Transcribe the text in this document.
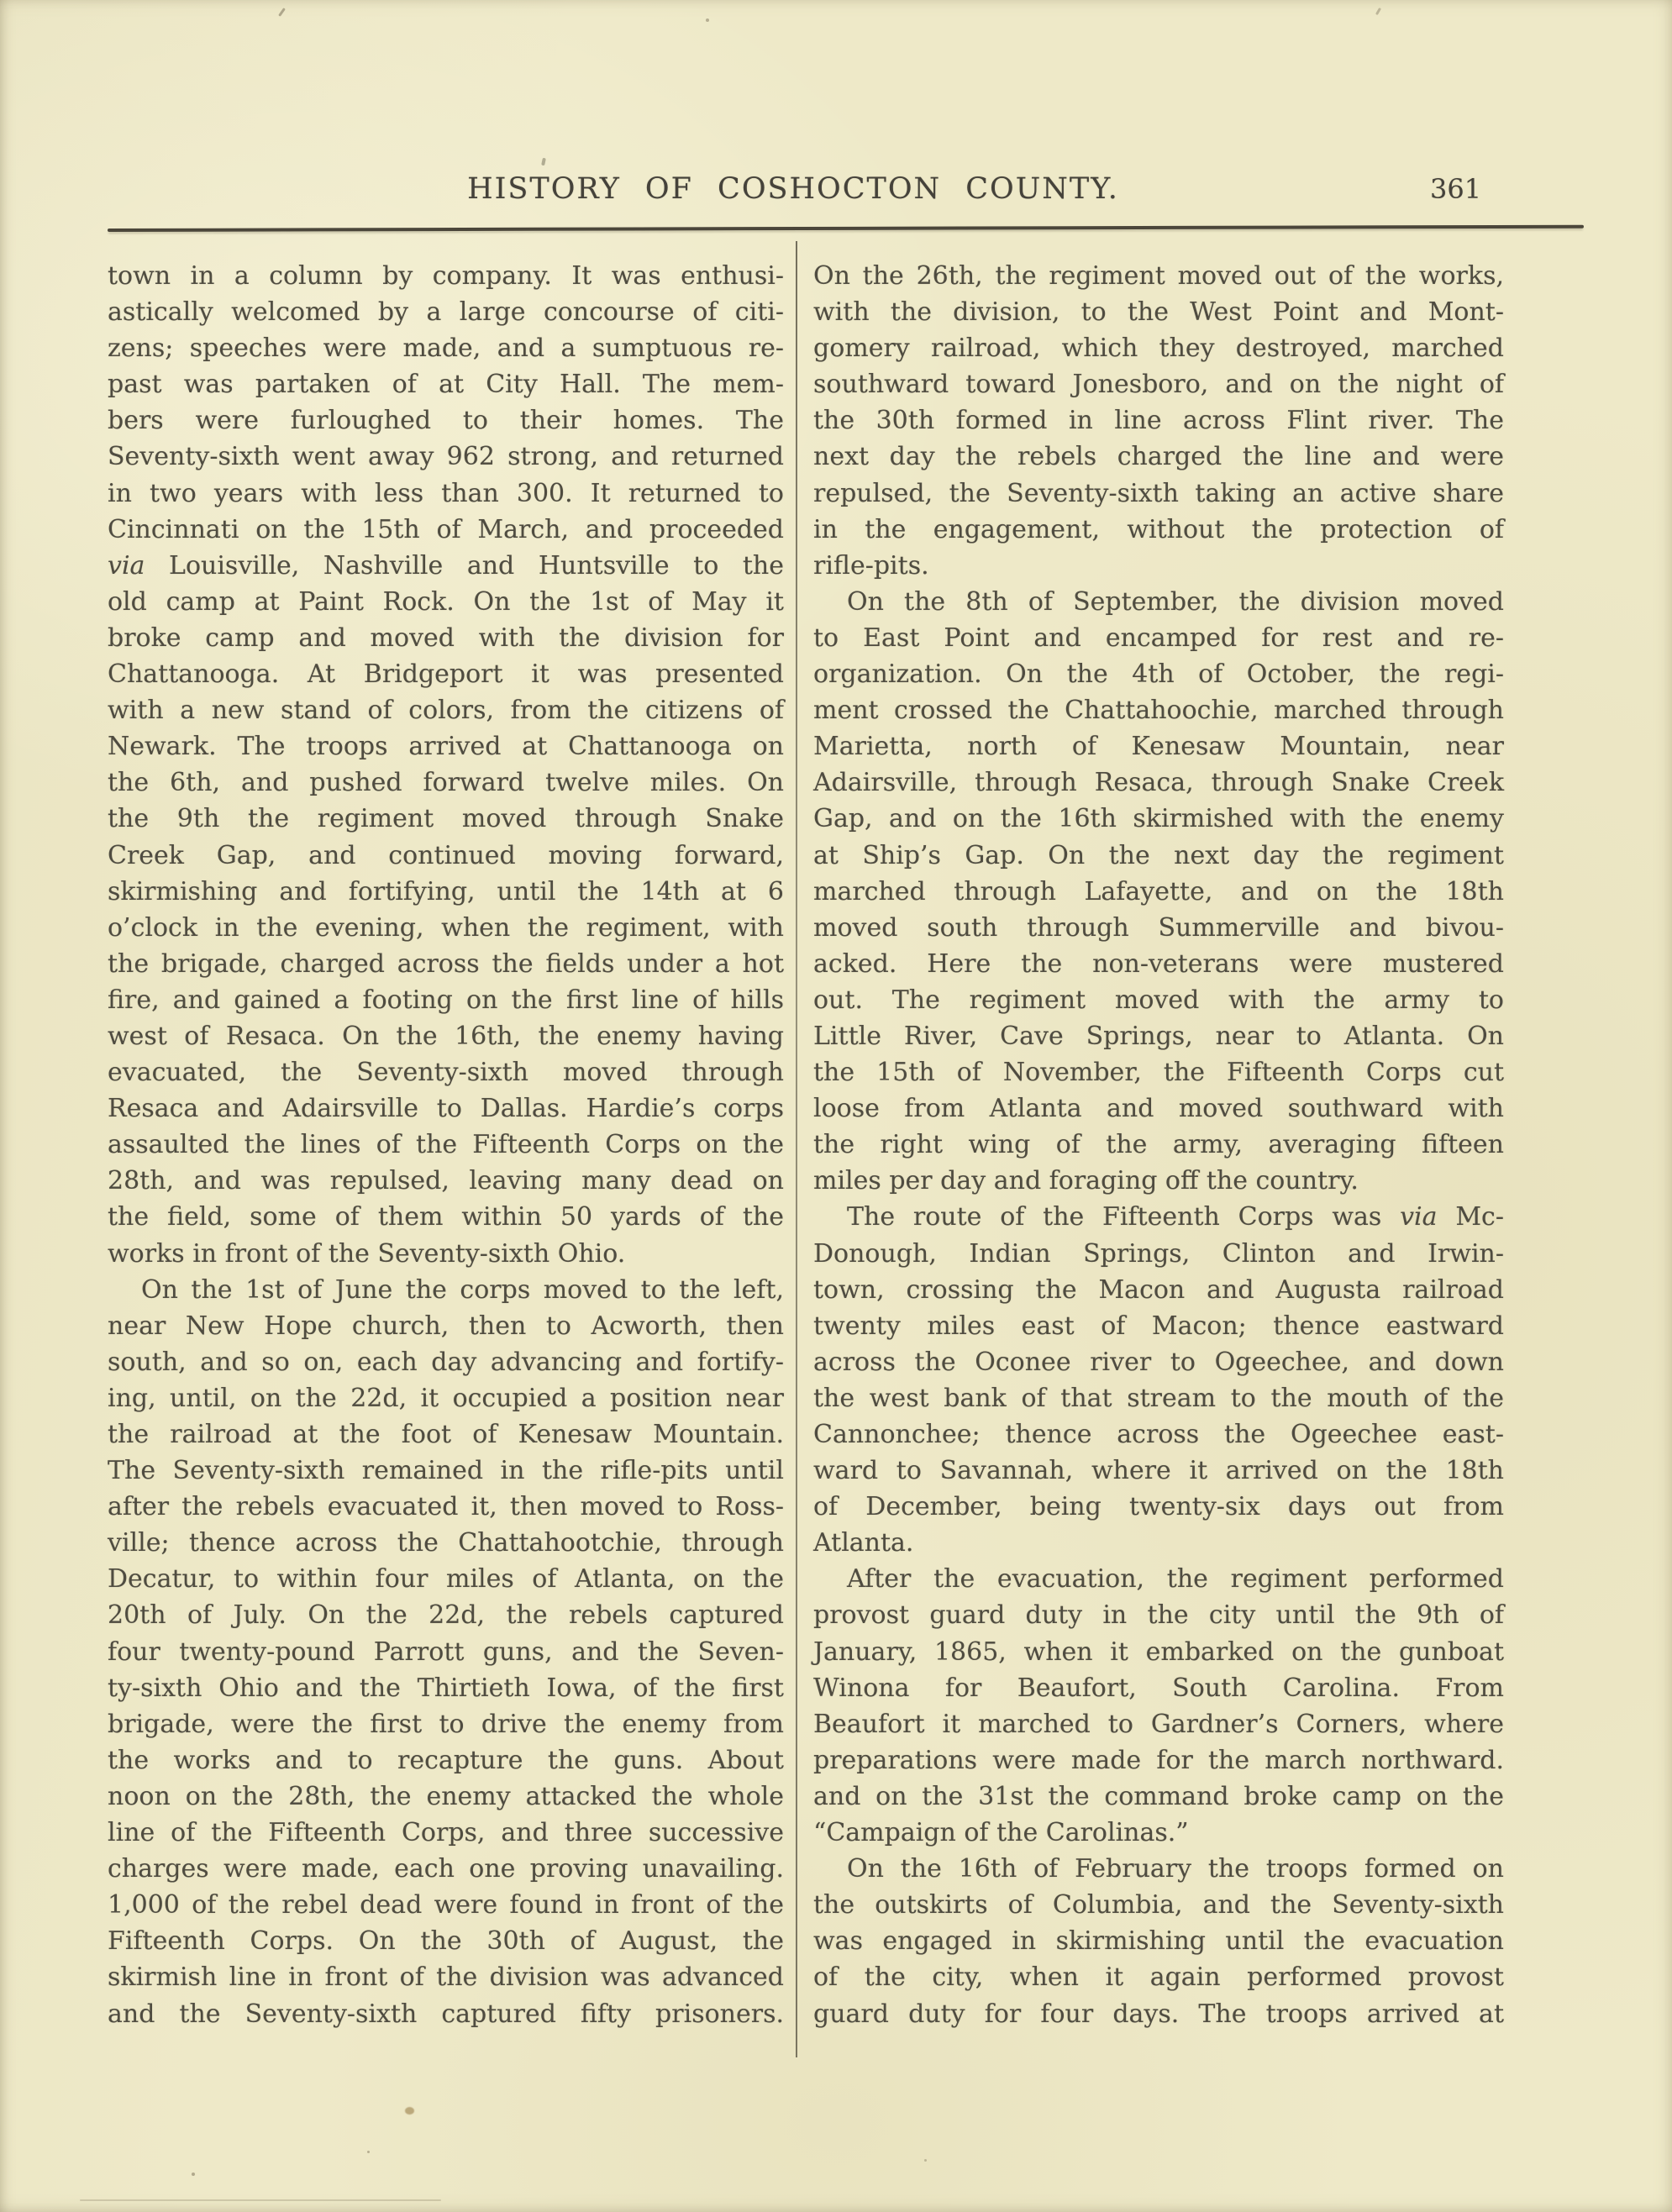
HISTORY OF COSHOCTON COUNTY.	361
town in a column by company. It was enthusi-
astically welcomed by a large concourse of citi-
zens; speeches were made, and a sumptuous re-
past was partaken of at City Hall. The mem-
bers were furloughed to their homes. The
Seventy-sixth went away 962 strong, and returned
in two years with less than 300. It returned to
Cincinnati on the 15th of March, and proceeded
via Louisville, Nashville and Huntsville to the
old camp at Paint Rock. On the 1st of May it
broke camp and moved with the division for
Chattanooga. At Bridgeport it was presented
with a new stand of colors, from the citizens of
Newark. The troops arrived at Chattanooga on
the 6th, and pushed forward twelve miles. On
the 9th the regiment moved through Snake
Creek Gap, and continued moving forward,
skirmishing and fortifying, until the 14th at 6
o’clock in the evening, when the regiment, with
the brigade, charged across the fields under a hot
fire, and gained a footing on the first line of hills
west of Resaca. On the 16th, the enemy having
evacuated, the Seventy-sixth moved through
Resaca and Adairsville to Dallas. Hardie’s corps
assaulted the lines of the Fifteenth Corps on the
28th, and was repulsed, leaving many dead on
the field, some of them within 50 yards of the
works in front of the Seventy-sixth Ohio.
On the 1st of June the corps moved to the left,
near New Hope church, then to Acworth, then
south, and so on, each day advancing and fortify-
ing, until, on the 22d, it occupied a position near
the railroad at the foot of Kenesaw Mountain.
The Seventy-sixth remained in the rifle-pits until
after the rebels evacuated it, then moved to Ross-
ville; thence across the Chattahootchie, through
Decatur, to within four miles of Atlanta, on the
20th of July. On the 22d, the rebels captured
four twenty-pound Parrott guns, and the Seven-
ty-sixth Ohio and the Thirtieth Iowa, of the first
brigade, were the first to drive the enemy from
the works and to recapture the guns. About
noon on the 28th, the enemy attacked the whole
line of the Fifteenth Corps, and three successive
charges were made, each one proving unavailing.
1,000 of the rebel dead were found in front of the
Fifteenth Corps. On the 30th of August, the
skirmish line in front of the division was advanced
and the Seventy-sixth captured fifty prisoners.
On the 26th, the regiment moved out of the works,
with the division, to the West Point and Mont-
gomery railroad, which they destroyed, marched
southward toward Jonesboro, and on the night of
the 30th formed in line across Flint river. The
next day the rebels charged the line and were
repulsed, the Seventy-sixth taking an active share
in the engagement, without the protection of
rifle-pits.
On the 8th of September, the division moved
to East Point and encamped for rest and re-
organization. On the 4th of October, the regi-
ment crossed the Chattahoochie, marched through
Marietta, north of Kenesaw Mountain, near
Adairsville, through Resaca, through Snake Creek
Gap, and on the 16th skirmished with the enemy
at Ship’s Gap. On the next day the regiment
marched through Lafayette, and on the 18th
moved south through Summerville and bivou-
acked. Here the non-veterans were mustered
out. The regiment moved with the army to
Little River, Cave Springs, near to Atlanta. On
the 15th of November, the Fifteenth Corps cut
loose from Atlanta and moved southward with
the right wing of the army, averaging fifteen
miles per day and foraging off the country.
The route of the Fifteenth Corps was via Mc-
Donough, Indian Springs, Clinton and Irwin-
town, crossing the Macon and Augusta railroad
twenty miles east of Macon; thence eastward
across the Oconee river to Ogeechee, and down
the west bank of that stream to the mouth of the
Cannonchee; thence across the Ogeechee east-
ward to Savannah, where it arrived on the 18th
of December, being twenty-six days out from
Atlanta.
After the evacuation, the regiment performed
provost guard duty in the city until the 9th of
January, 1865, when it embarked on the gunboat
Winona for Beaufort, South Carolina. From
Beaufort it marched to Gardner’s Corners, where
preparations were made for the march northward.
and on the 31st the command broke camp on the
“Campaign of the Carolinas.”
On the 16th of February the troops formed on
the outskirts of Columbia, and the Seventy-sixth
was engaged in skirmishing until the evacuation
of the city, when it again performed provost
guard duty for four days. The troops arrived at
